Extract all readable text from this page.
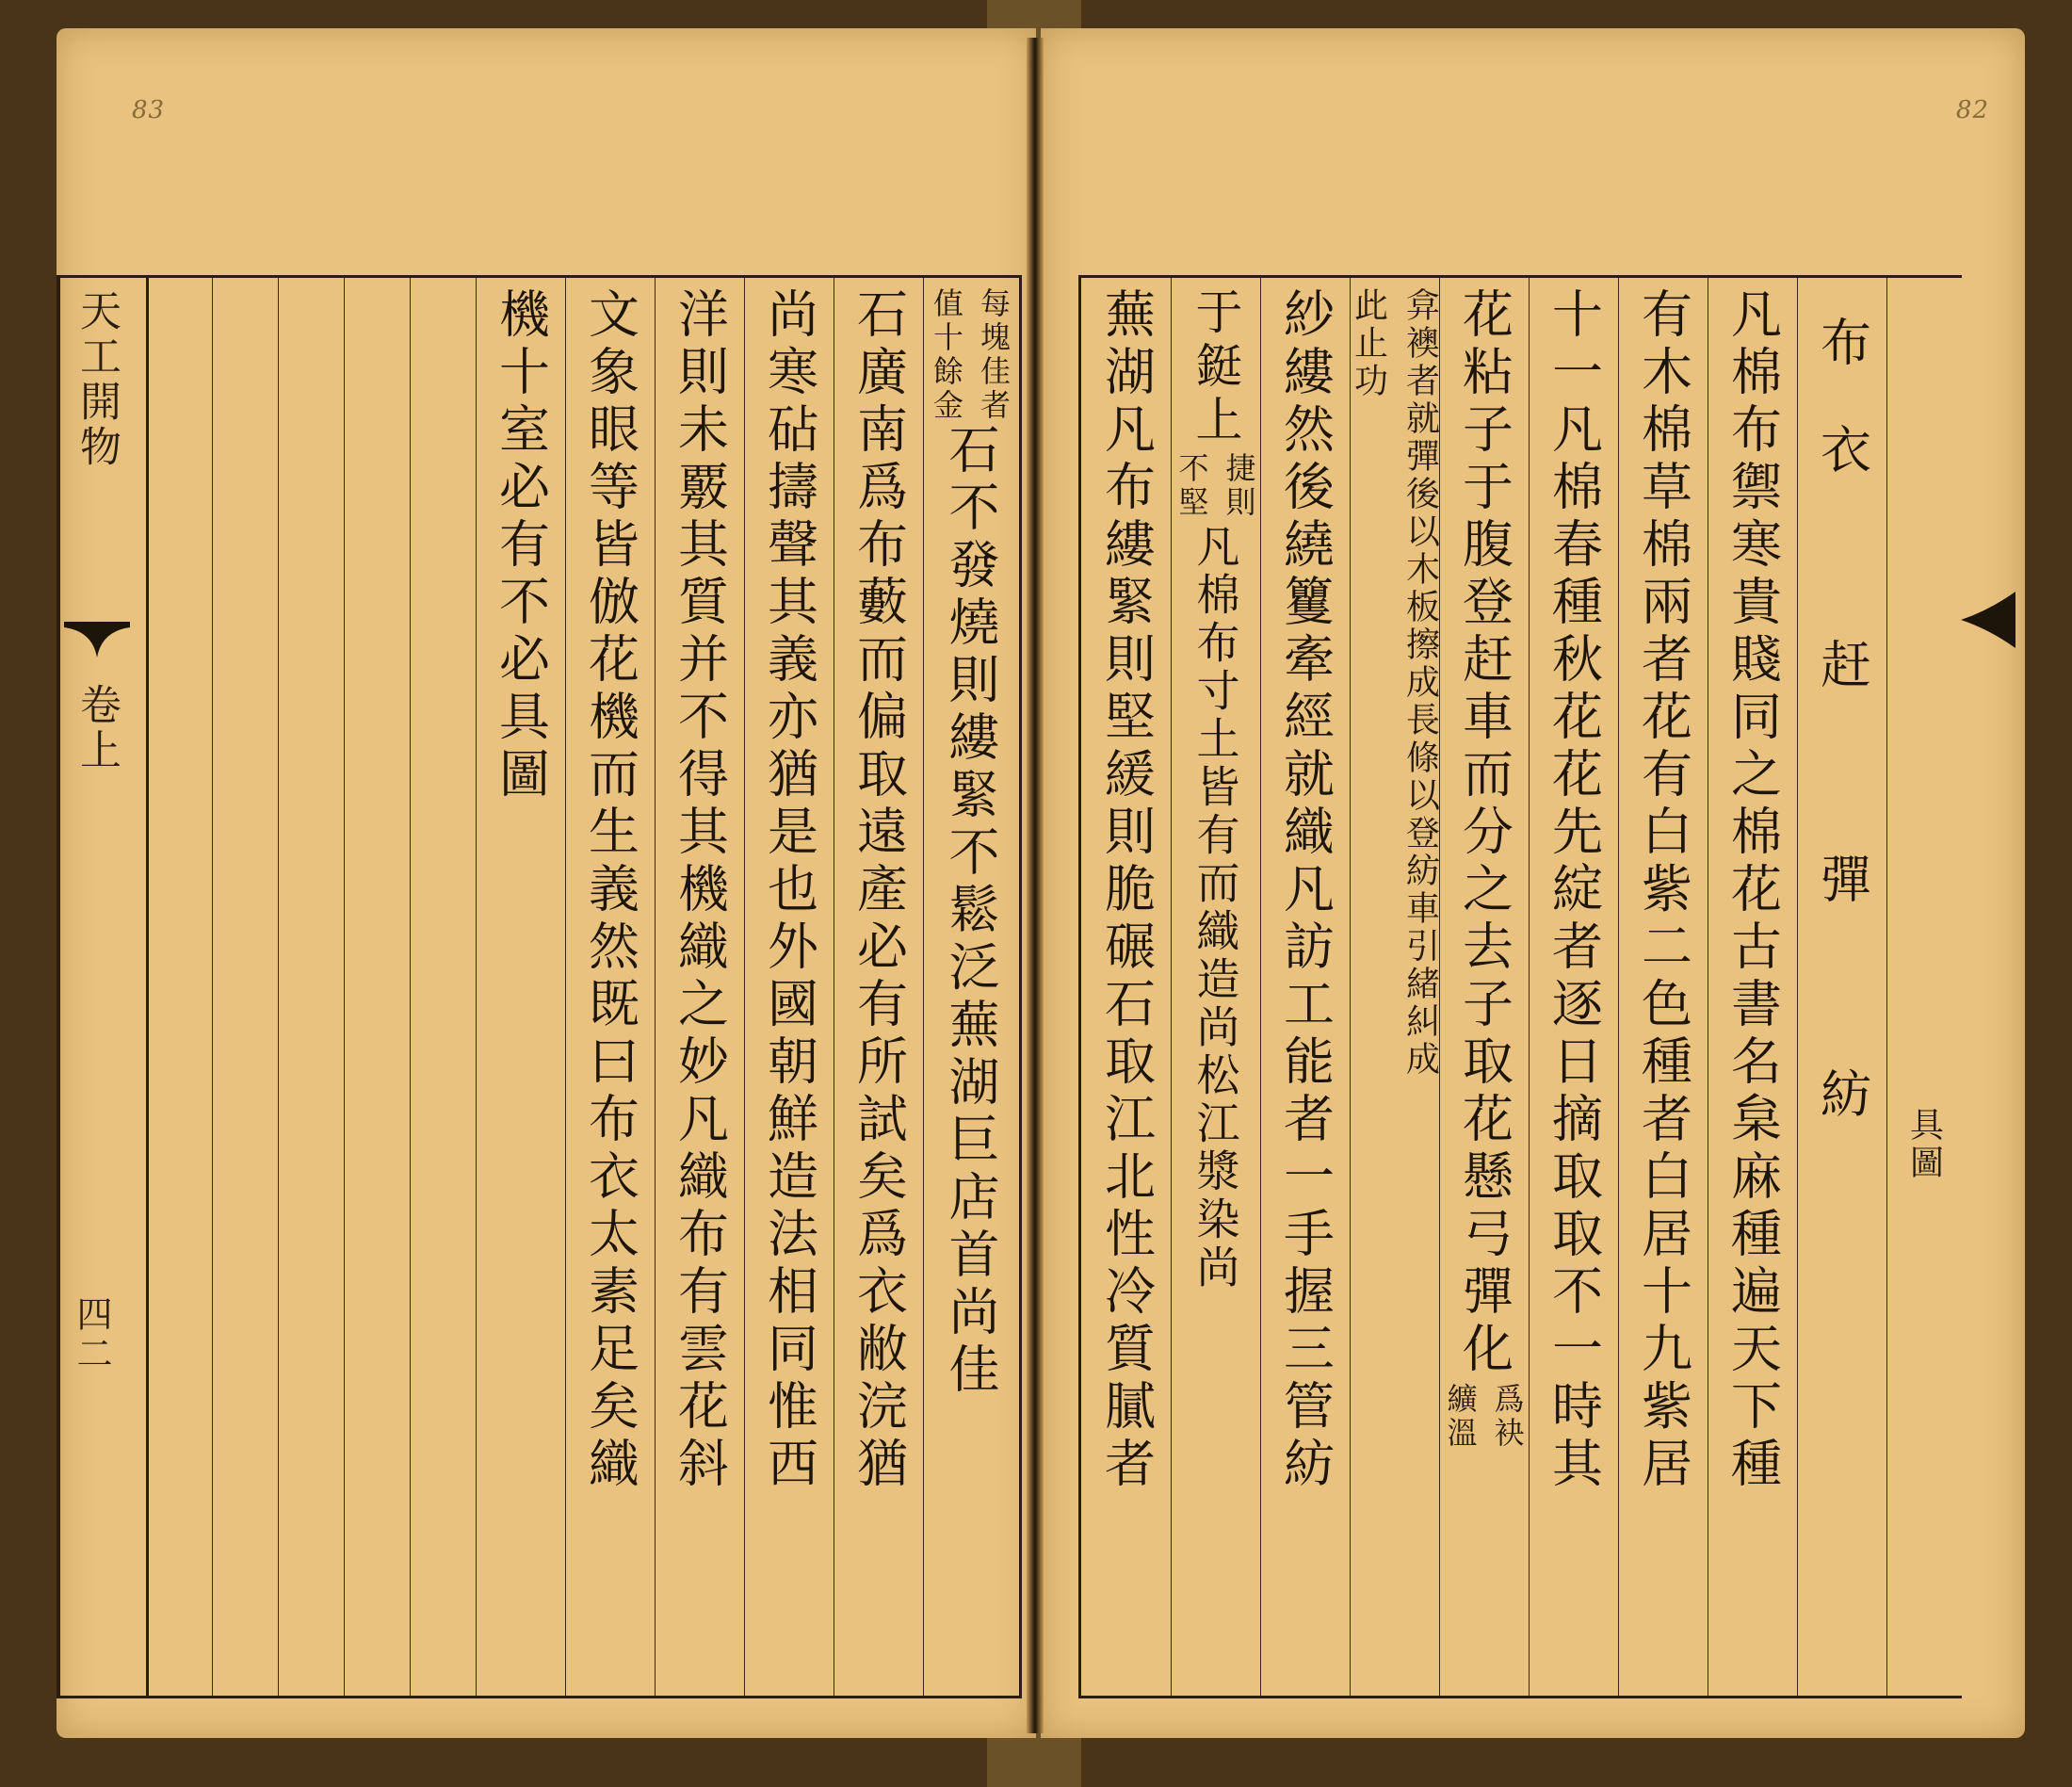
83
天工開物
卷上
四二
機十室必有不必具圖 文象眼等皆倣花機而生義然既曰布衣太素足矣織 洋則未覈其質并不得其機織之妙凡織布有雲花斜 尚寒砧擣聲其義亦猶是也外國朝鮮造法相同惟西 石廣南爲布藪而偏取遠產必有所試矣爲衣敝浣猶 每塊佳者
值十餘金
石不發燒則縷緊不鬆泛蕪湖巨店首尚佳
82
蕪湖凡布縷緊則堅緩則脆碾石取江北性冷質膩者 于鋌上
捷則
不堅
凡棉布寸土皆有而織造尚松江漿染尚 紗縷然後繞籰牽經就織凡訪工能者一手握三管紡 弇襖者就彈後以木板擦成長條以登紡車引緒糾成
此止功 花粘子于腹登赶車而分之去子取花懸弓彈化
爲袂
纊溫 十一凡棉春種秋花花先綻者逐日摘取取不一時其 有木棉草棉兩者花有白紫二色種者白居十九紫居 凡棉布禦寒貴賤同之棉花古書名枲麻種遍天下種 布衣　赶　彈　紡 具圖
